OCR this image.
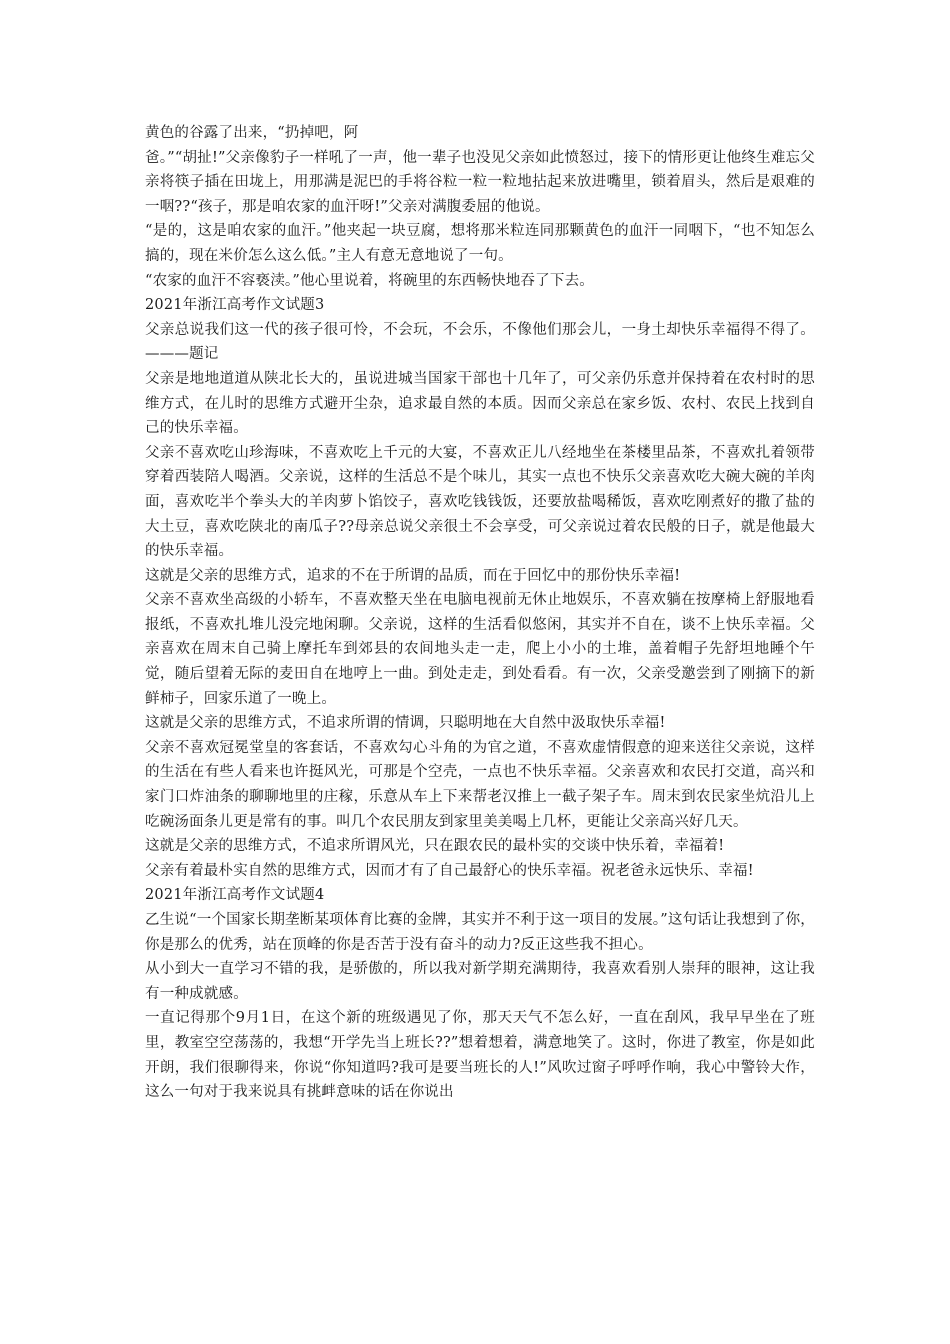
黄色的谷露了出来，“扔掉吧，阿

爸。”“胡扯!”父亲像豹子一样吼了一声，他一辈子也没见父亲如此愤怒过，接下的情形更让他终生难忘父亲将筷子插在田垅上，用那满是泥巴的手将谷粒一粒一粒地拈起来放进嘴里，锁着眉头，然后是艰难的一咽??“孩子，那是咱农家的血汗呀!”父亲对满腹委屈的他说。

“是的，这是咱农家的血汗。”他夹起一块豆腐，想将那米粒连同那颗黄色的血汗一同咽下，“也不知怎么搞的，现在米价怎么这么低。”主人有意无意地说了一句。

“农家的血汗不容亵渎。”他心里说着，将碗里的东西畅快地吞了下去。

2021年浙江高考作文试题3

父亲总说我们这一代的孩子很可怜，不会玩，不会乐，不像他们那会儿，一身土却快乐幸福得不得了。———题记

父亲是地地道道从陕北长大的，虽说进城当国家干部也十几年了，可父亲仍乐意并保持着在农村时的思维方式，在儿时的思维方式避开尘杂，追求最自然的本质。因而父亲总在家乡饭、农村、农民上找到自己的快乐幸福。

父亲不喜欢吃山珍海味，不喜欢吃上千元的大宴，不喜欢正儿八经地坐在茶楼里品茶，不喜欢扎着领带穿着西装陪人喝酒。父亲说，这样的生活总不是个味儿，其实一点也不快乐父亲喜欢吃大碗大碗的羊肉面，喜欢吃半个拳头大的羊肉萝卜馅饺子，喜欢吃钱钱饭，还要放盐喝稀饭，喜欢吃刚煮好的撒了盐的大土豆，喜欢吃陕北的南瓜子??母亲总说父亲很土不会享受，可父亲说过着农民般的日子，就是他最大的快乐幸福。

这就是父亲的思维方式，追求的不在于所谓的品质，而在于回忆中的那份快乐幸福!

父亲不喜欢坐高级的小轿车，不喜欢整天坐在电脑电视前无休止地娱乐，不喜欢躺在按摩椅上舒服地看报纸，不喜欢扎堆儿没完地闲聊。父亲说，这样的生活看似悠闲，其实并不自在，谈不上快乐幸福。父亲喜欢在周末自己骑上摩托车到郊县的农间地头走一走，爬上小小的土堆，盖着帽子先舒坦地睡个午觉，随后望着无际的麦田自在地哼上一曲。到处走走，到处看看。有一次，父亲受邀尝到了刚摘下的新鲜柿子，回家乐道了一晚上。

这就是父亲的思维方式，不追求所谓的情调，只聪明地在大自然中汲取快乐幸福!

父亲不喜欢冠冕堂皇的客套话，不喜欢勾心斗角的为官之道，不喜欢虚情假意的迎来送往父亲说，这样的生活在有些人看来也许挺风光，可那是个空壳，一点也不快乐幸福。父亲喜欢和农民打交道，高兴和家门口炸油条的聊聊地里的庄稼，乐意从车上下来帮老汉推上一截子架子车。周末到农民家坐炕沿儿上吃碗汤面条儿更是常有的事。叫几个农民朋友到家里美美喝上几杯，更能让父亲高兴好几天。

这就是父亲的思维方式，不追求所谓风光，只在跟农民的最朴实的交谈中快乐着，幸福着!

父亲有着最朴实自然的思维方式，因而才有了自己最舒心的快乐幸福。祝老爸永远快乐、幸福!

2021年浙江高考作文试题4

乙生说“一个国家长期垄断某项体育比赛的金牌，其实并不利于这一项目的发展。”这句话让我想到了你，你是那么的优秀，站在顶峰的你是否苦于没有奋斗的动力?反正这些我不担心。

从小到大一直学习不错的我，是骄傲的，所以我对新学期充满期待，我喜欢看别人崇拜的眼神，这让我有一种成就感。

一直记得那个9月1日，在这个新的班级遇见了你，那天天气不怎么好，一直在刮风，我早早坐在了班里，教室空空荡荡的，我想“开学先当上班长??”想着想着，满意地笑了。这时，你进了教室，你是如此开朗，我们很聊得来，你说“你知道吗?我可是要当班长的人!”风吹过窗子呼呼作响，我心中警铃大作，这么一句对于我来说具有挑衅意味的话在你说出
